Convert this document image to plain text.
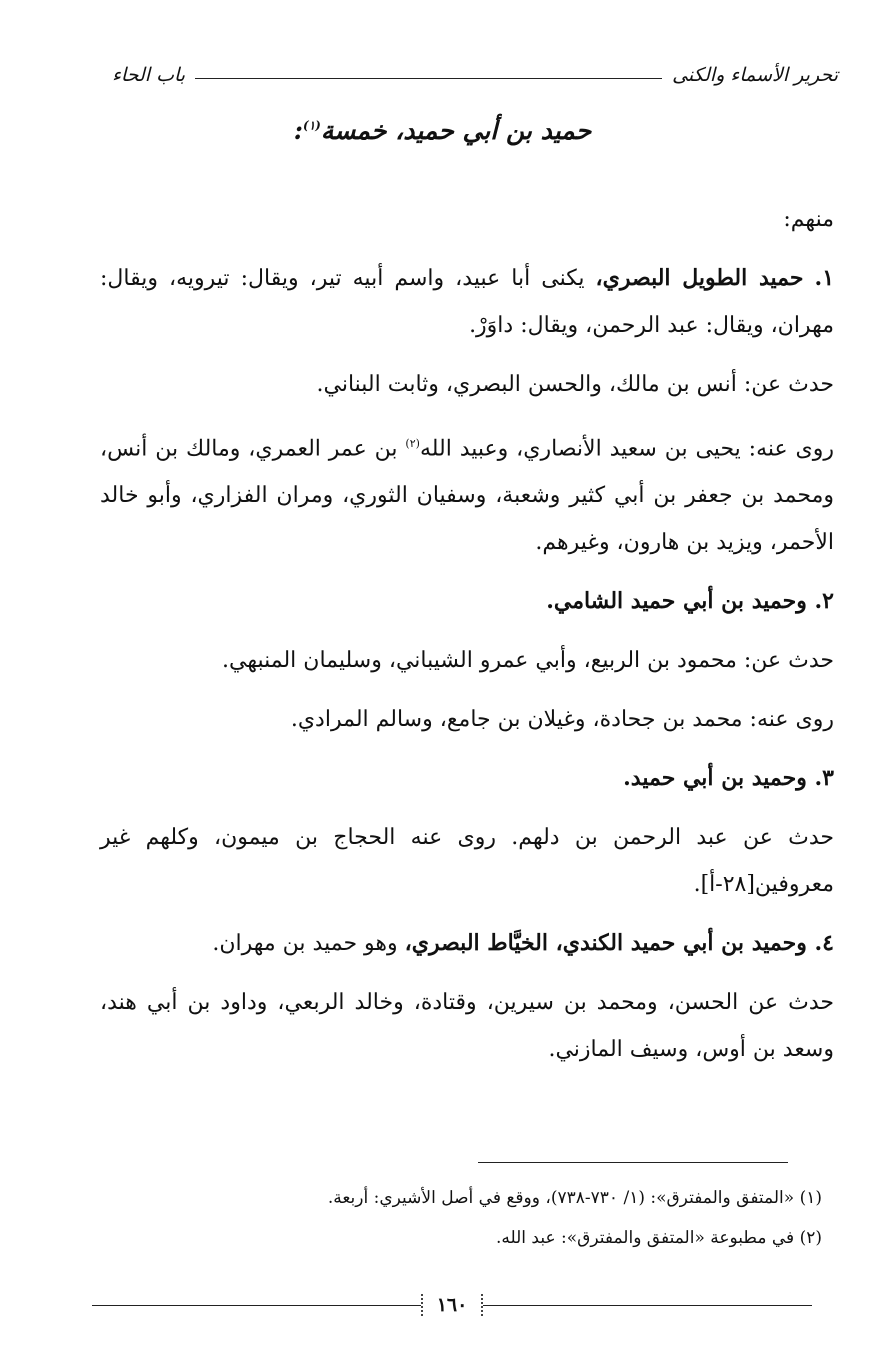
تحرير الأسماء والكنى
باب الحاء
حميد بن أبي حميد، خمسة$^{(١)}$:

منهم:

١. حميد الطويل البصري، يكنى أبا عبيد، واسم أبيه تير، ويقال: تيرويه، ويقال: مهران، ويقال: عبد الرحمن، ويقال: داوَرْ.

حدث عن: أنس بن مالك، والحسن البصري، وثابت البناني.

روى عنه: يحيى بن سعيد الأنصاري، وعبيد الله$^{(٢)}$ بن عمر العمري، ومالك بن أنس، ومحمد بن جعفر بن أبي كثير وشعبة، وسفيان الثوري، ومران الفزاري، وأبو خالد الأحمر، ويزيد بن هارون، وغيرهم.

٢. وحميد بن أبي حميد الشامي.

حدث عن: محمود بن الربيع، وأبي عمرو الشيباني، وسليمان المنبهي.

روى عنه: محمد بن جحادة، وغيلان بن جامع، وسالم المرادي.

٣. وحميد بن أبي حميد.

حدث عن عبد الرحمن بن دلهم. روى عنه الحجاج بن ميمون، وكلهم غير معروفين[٢٨-أ].

٤. وحميد بن أبي حميد الكندي، الخيَّاط البصري، وهو حميد بن مهران.

حدث عن الحسن، ومحمد بن سيرين، وقتادة، وخالد الربعي، وداود بن أبي هند، وسعد بن أوس، وسيف المازني.

(١) «المتفق والمفترق»: (١/ ٧٣٠-٧٣٨)، ووقع في أصل الأشيري: أربعة.

(٢) في مطبوعة «المتفق والمفترق»: عبد الله.

١٦٠
